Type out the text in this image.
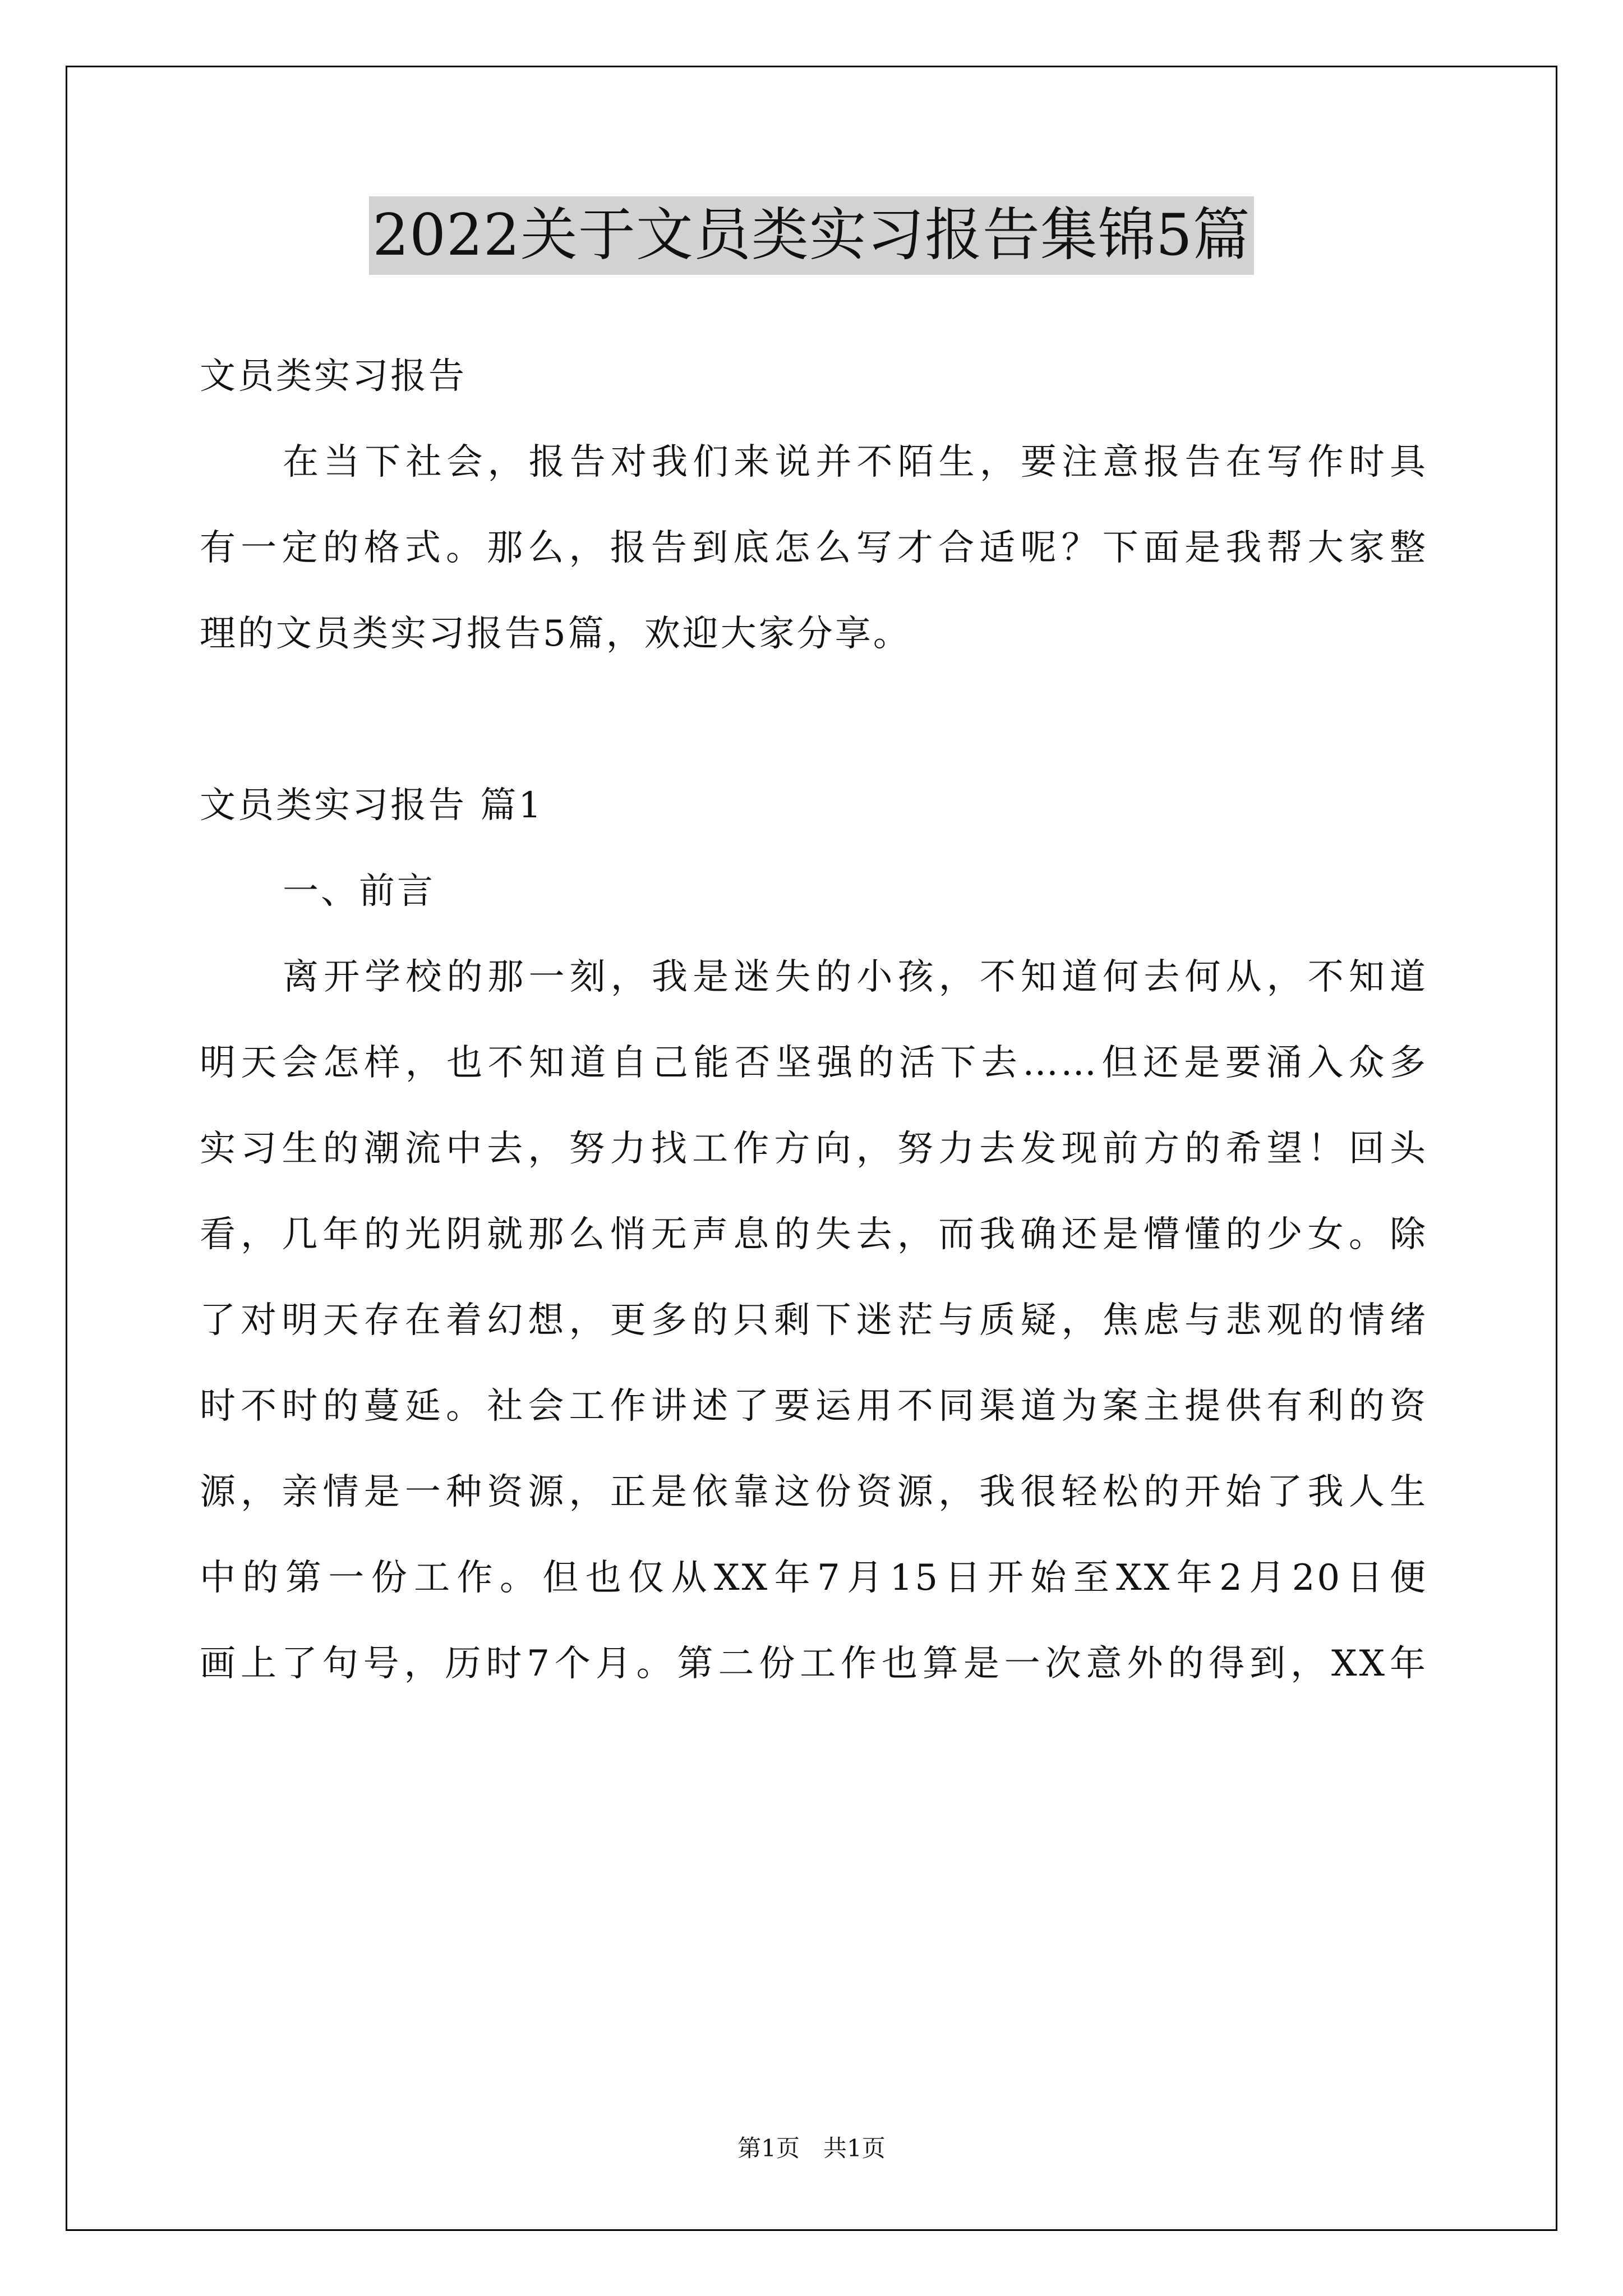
2022关于文员类实习报告集锦5篇
文员类实习报告
在当下社会，报告对我们来说并不陌生，要注意报告在写作时具
有一定的格式。那么，报告到底怎么写才合适呢？下面是我帮大家整
理的文员类实习报告5篇，欢迎大家分享。
文员类实习报告 篇1
一、前言
离开学校的那一刻，我是迷失的小孩，不知道何去何从，不知道
明天会怎样，也不知道自己能否坚强的活下去……但还是要涌入众多
实习生的潮流中去，努力找工作方向，努力去发现前方的希望！回头
看，几年的光阴就那么悄无声息的失去，而我确还是懵懂的少女。除
了对明天存在着幻想，更多的只剩下迷茫与质疑，焦虑与悲观的情绪
时不时的蔓延。社会工作讲述了要运用不同渠道为案主提供有利的资
源，亲情是一种资源，正是依靠这份资源，我很轻松的开始了我人生
中的第一份工作。但也仅从XX年7月15日开始至XX年2月20日便
画上了句号，历时7个月。第二份工作也算是一次意外的得到，XX年
第1页　共1页
